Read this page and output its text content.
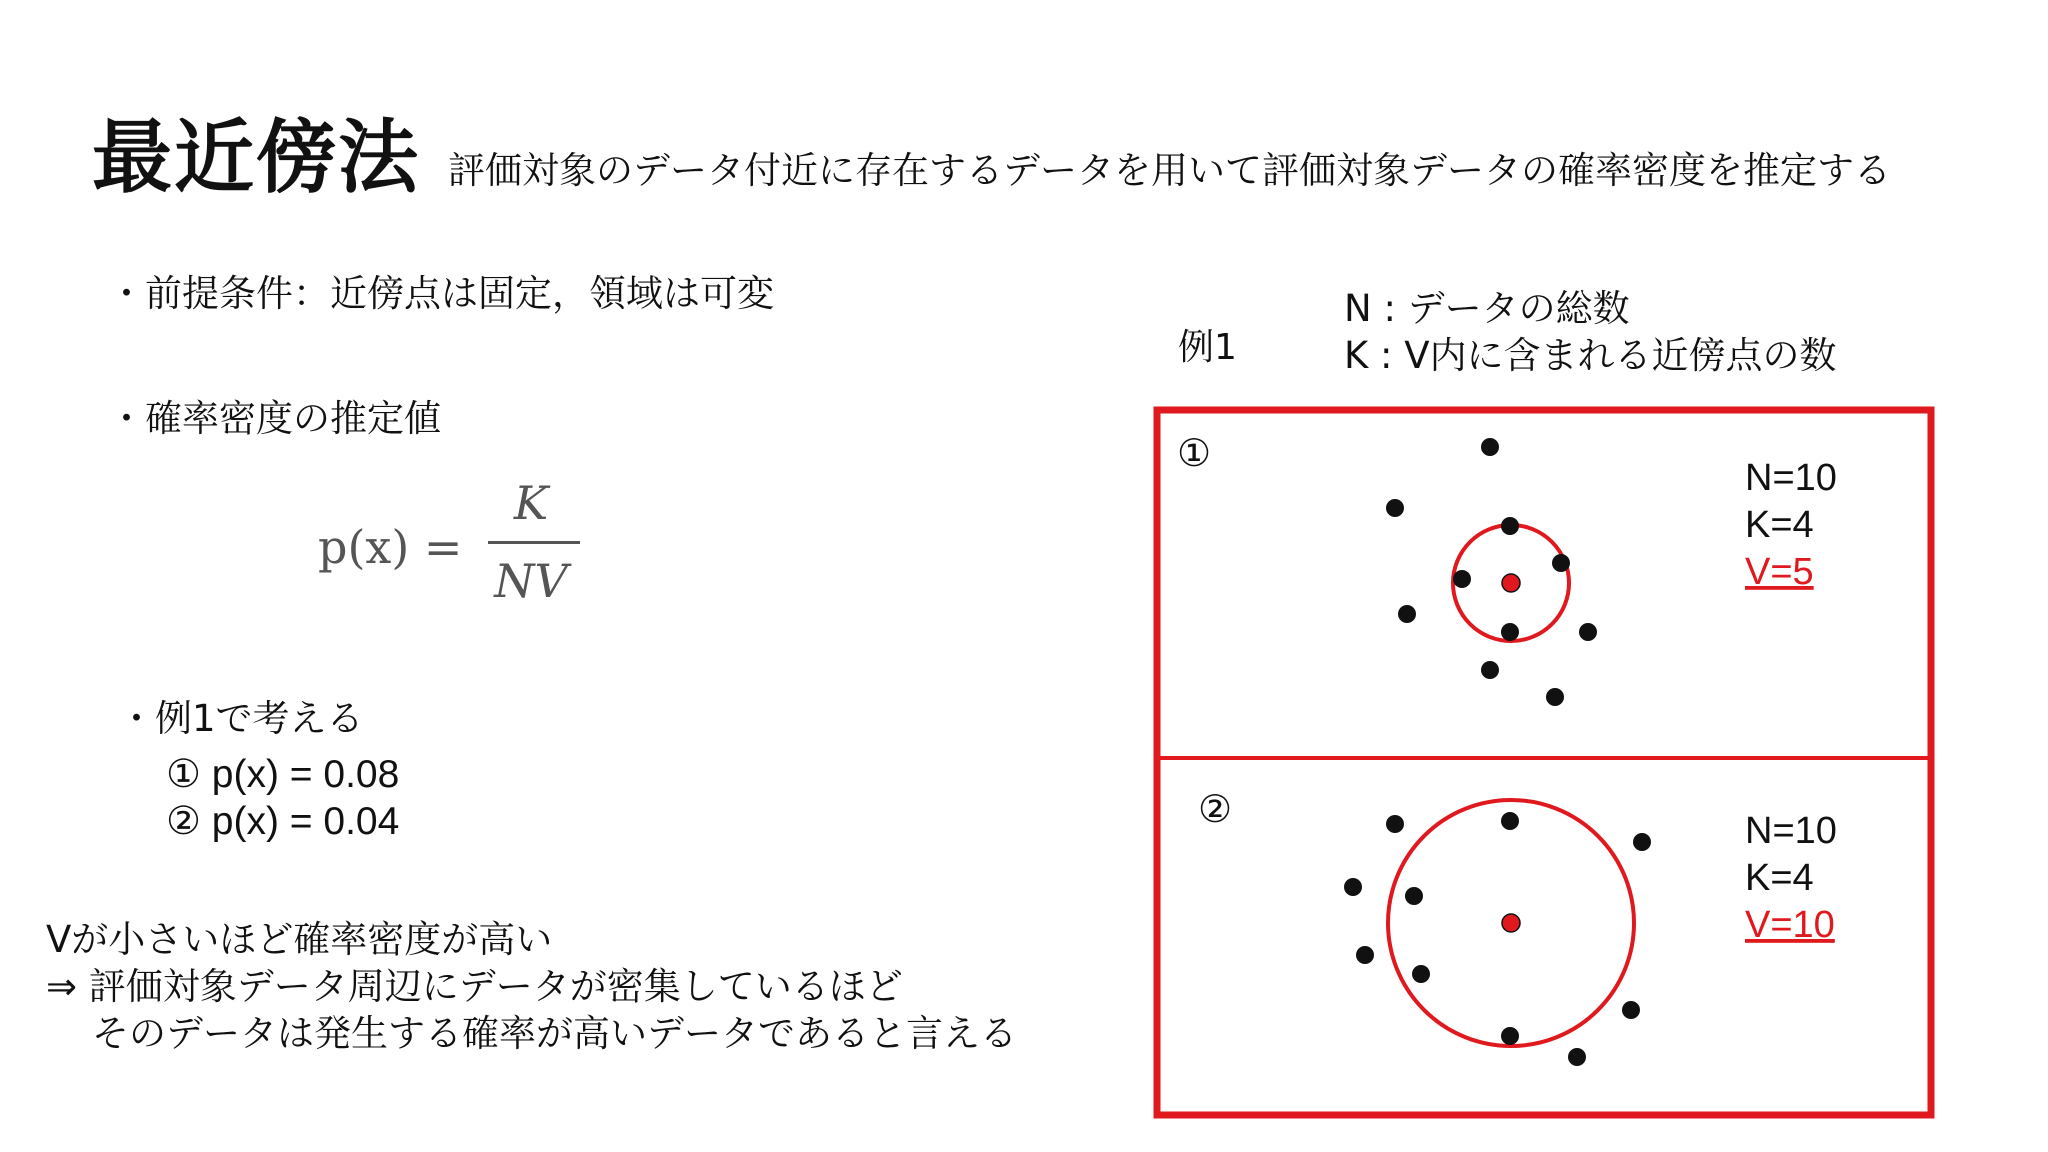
最近傍法 評価対象のデータ付近に存在するデータを用いて評価対象データの確率密度を推定する
・前提条件：近傍点は固定，領域は可変
・確率密度の推定値
p(x) =
K
NV
・例1で考える
① p(x) = 0.08
② p(x) = 0.04
Vが小さいほど確率密度が高い
⇒ 評価対象データ周辺にデータが密集しているほど
そのデータは発生する確率が高いデータであると言える
例1
N : データの総数
K : V内に含まれる近傍点の数
①
N=10
K=4
V=5
②	N=10
K=4
V=10
